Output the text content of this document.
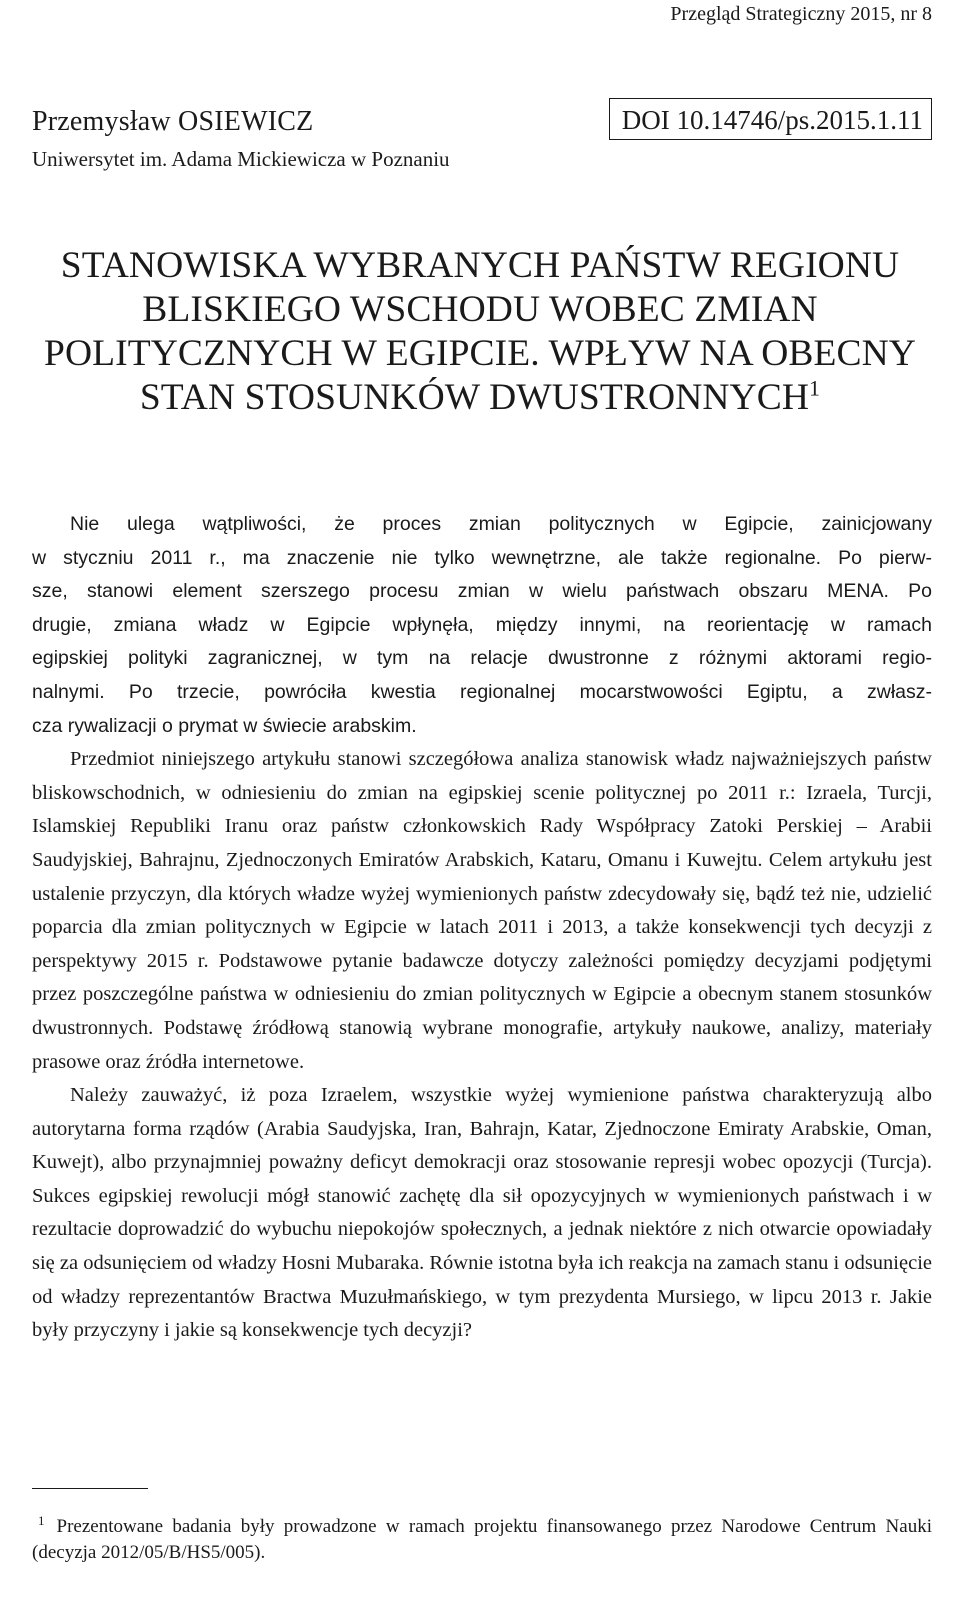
Przegląd Strategiczny 2015, nr 8
Przemysław OSIEWICZ
Uniwersytet im. Adama Mickiewicza w Poznaniu
DOI 10.14746/ps.2015.1.11
STANOWISKA WYBRANYCH PAŃSTW REGIONU
BLISKIEGO WSCHODU WOBEC ZMIAN
POLITYCZNYCH W EGIPCIE. WPŁYW NA OBECNY
STAN STOSUNKÓW DWUSTRONNYCH$^1$
Nie ulega wątpliwości, że proces zmian politycznych w Egipcie, zainicjowany
w styczniu 2011 r., ma znaczenie nie tylko wewnętrzne, ale także regionalne. Po pierw-
sze, stanowi element szerszego procesu zmian w wielu państwach obszaru MENA. Po
drugie, zmiana władz w Egipcie wpłynęła, między innymi, na reorientację w ramach
egipskiej polityki zagranicznej, w tym na relacje dwustronne z różnymi aktorami regio-
nalnymi. Po trzecie, powróciła kwestia regionalnej mocarstwowości Egiptu, a zwłasz-
cza rywalizacji o prymat w świecie arabskim.

Przedmiot niniejszego artykułu stanowi szczegółowa analiza stanowisk władz najważniejszych państw bliskowschodnich, w odniesieniu do zmian na egipskiej scenie politycznej po 2011 r.: Izraela, Turcji, Islamskiej Republiki Iranu oraz państw członkowskich Rady Współpracy Zatoki Perskiej – Arabii Saudyjskiej, Bahrajnu, Zjednoczonych Emiratów Arabskich, Kataru, Omanu i Kuwejtu. Celem artykułu jest ustalenie przyczyn, dla których władze wyżej wymienionych państw zdecydowały się, bądź też nie, udzielić poparcia dla zmian politycznych w Egipcie w latach 2011 i 2013, a także konsekwencji tych decyzji z perspektywy 2015 r. Podstawowe pytanie badawcze dotyczy zależności pomiędzy decyzjami podjętymi przez poszczególne państwa w odniesieniu do zmian politycznych w Egipcie a obecnym stanem stosunków dwustronnych. Podstawę źródłową stanowią wybrane monografie, artykuły naukowe, analizy, materiały prasowe oraz źródła internetowe.

Należy zauważyć, iż poza Izraelem, wszystkie wyżej wymienione państwa charakteryzują albo autorytarna forma rządów (Arabia Saudyjska, Iran, Bahrajn, Katar, Zjednoczone Emiraty Arabskie, Oman, Kuwejt), albo przynajmniej poważny deficyt demokracji oraz stosowanie represji wobec opozycji (Turcja). Sukces egipskiej rewolucji mógł stanowić zachętę dla sił opozycyjnych w wymienionych państwach i w rezultacie doprowadzić do wybuchu niepokojów społecznych, a jednak niektóre z nich otwarcie opowiadały się za odsunięciem od władzy Hosni Mubaraka. Równie istotna była ich reakcja na zamach stanu i odsunięcie od władzy reprezentantów Bractwa Muzułmańskiego, w tym prezydenta Mursiego, w lipcu 2013 r. Jakie były przyczyny i jakie są konsekwencje tych decyzji?

$^1$ Prezentowane badania były prowadzone w ramach projektu finansowanego przez Narodowe Centrum Nauki (decyzja 2012/05/B/HS5/005).
